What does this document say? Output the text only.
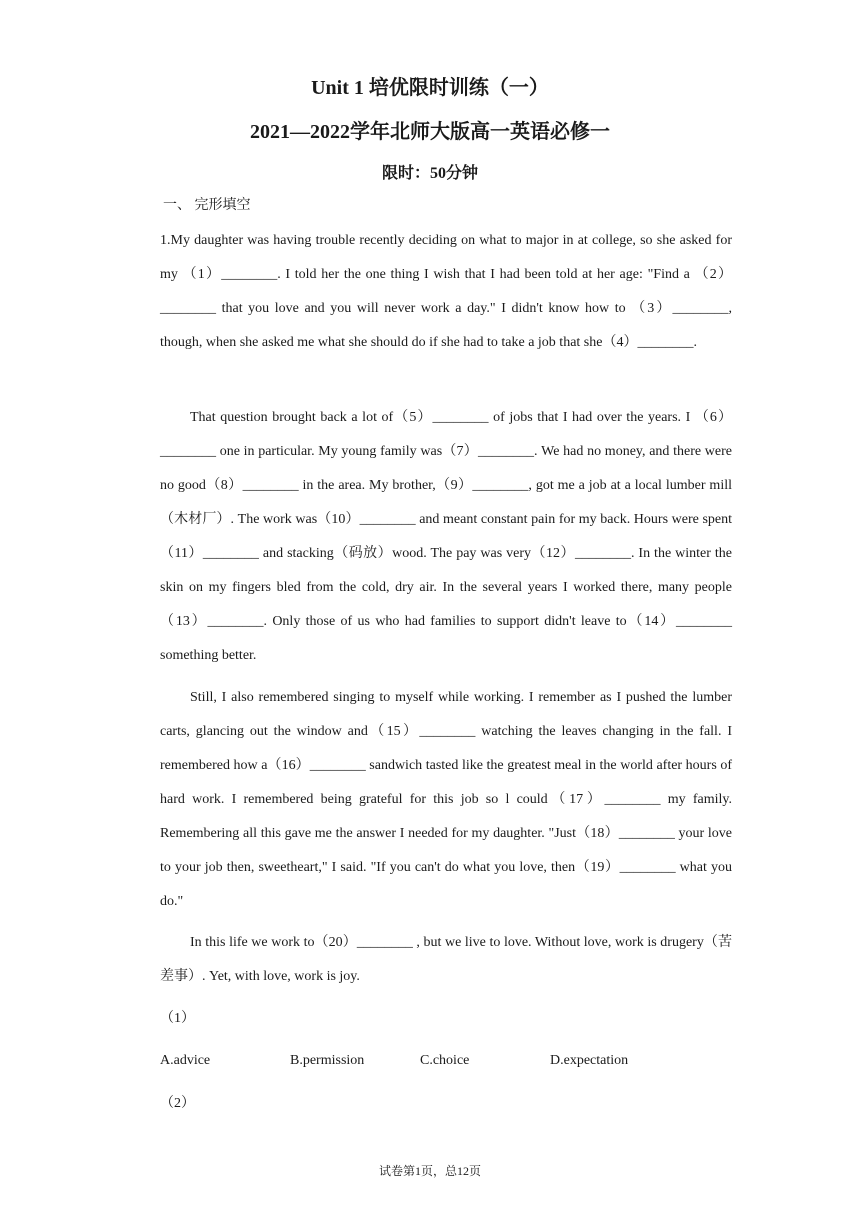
Unit 1 培优限时训练（一）
2021—2022学年北师大版高一英语必修一
限时：50分钟
一、 完形填空

1.My daughter was having trouble recently deciding on what to major in at college, so she asked for my （1）________. I told her the one thing I wish that I had been told at her age: "Find a （2）________ that you love and you will never work a day." I didn't know how to （3）________, though, when she asked me what she should do if she had to take a job that she（4）________.

That question brought back a lot of（5）________ of jobs that I had over the years. I （6）________ one in particular. My young family was（7）________. We had no money, and there were no good（8）________ in the area. My brother,（9）________, got me a job at a local lumber mill（木材厂）. The work was（10）________ and meant constant pain for my back. Hours were spent（11）________ and stacking（码放）wood. The pay was very（12）________. In the winter the skin on my fingers bled from the cold, dry air. In the several years I worked there, many people （13）________. Only those of us who had families to support didn't leave to（14）________ something better.

Still, I also remembered singing to myself while working. I remember as I pushed the lumber carts, glancing out the window and（15）________ watching the leaves changing in the fall. I remembered how a（16）________ sandwich tasted like the greatest meal in the world after hours of hard work. I remembered being grateful for this job so l could（17）________ my family. Remembering all this gave me the answer I needed for my daughter. "Just（18）________ your love to your job then, sweetheart," I said. "If you can't do what you love, then（19）________ what you do."

In this life we work to（20）________ , but we live to love. Without love, work is drugery（苦差事）. Yet, with love, work is joy.

（1）
A.advice	B.permission	C.choice	D.expectation
（2）
试卷第1页，总12页
